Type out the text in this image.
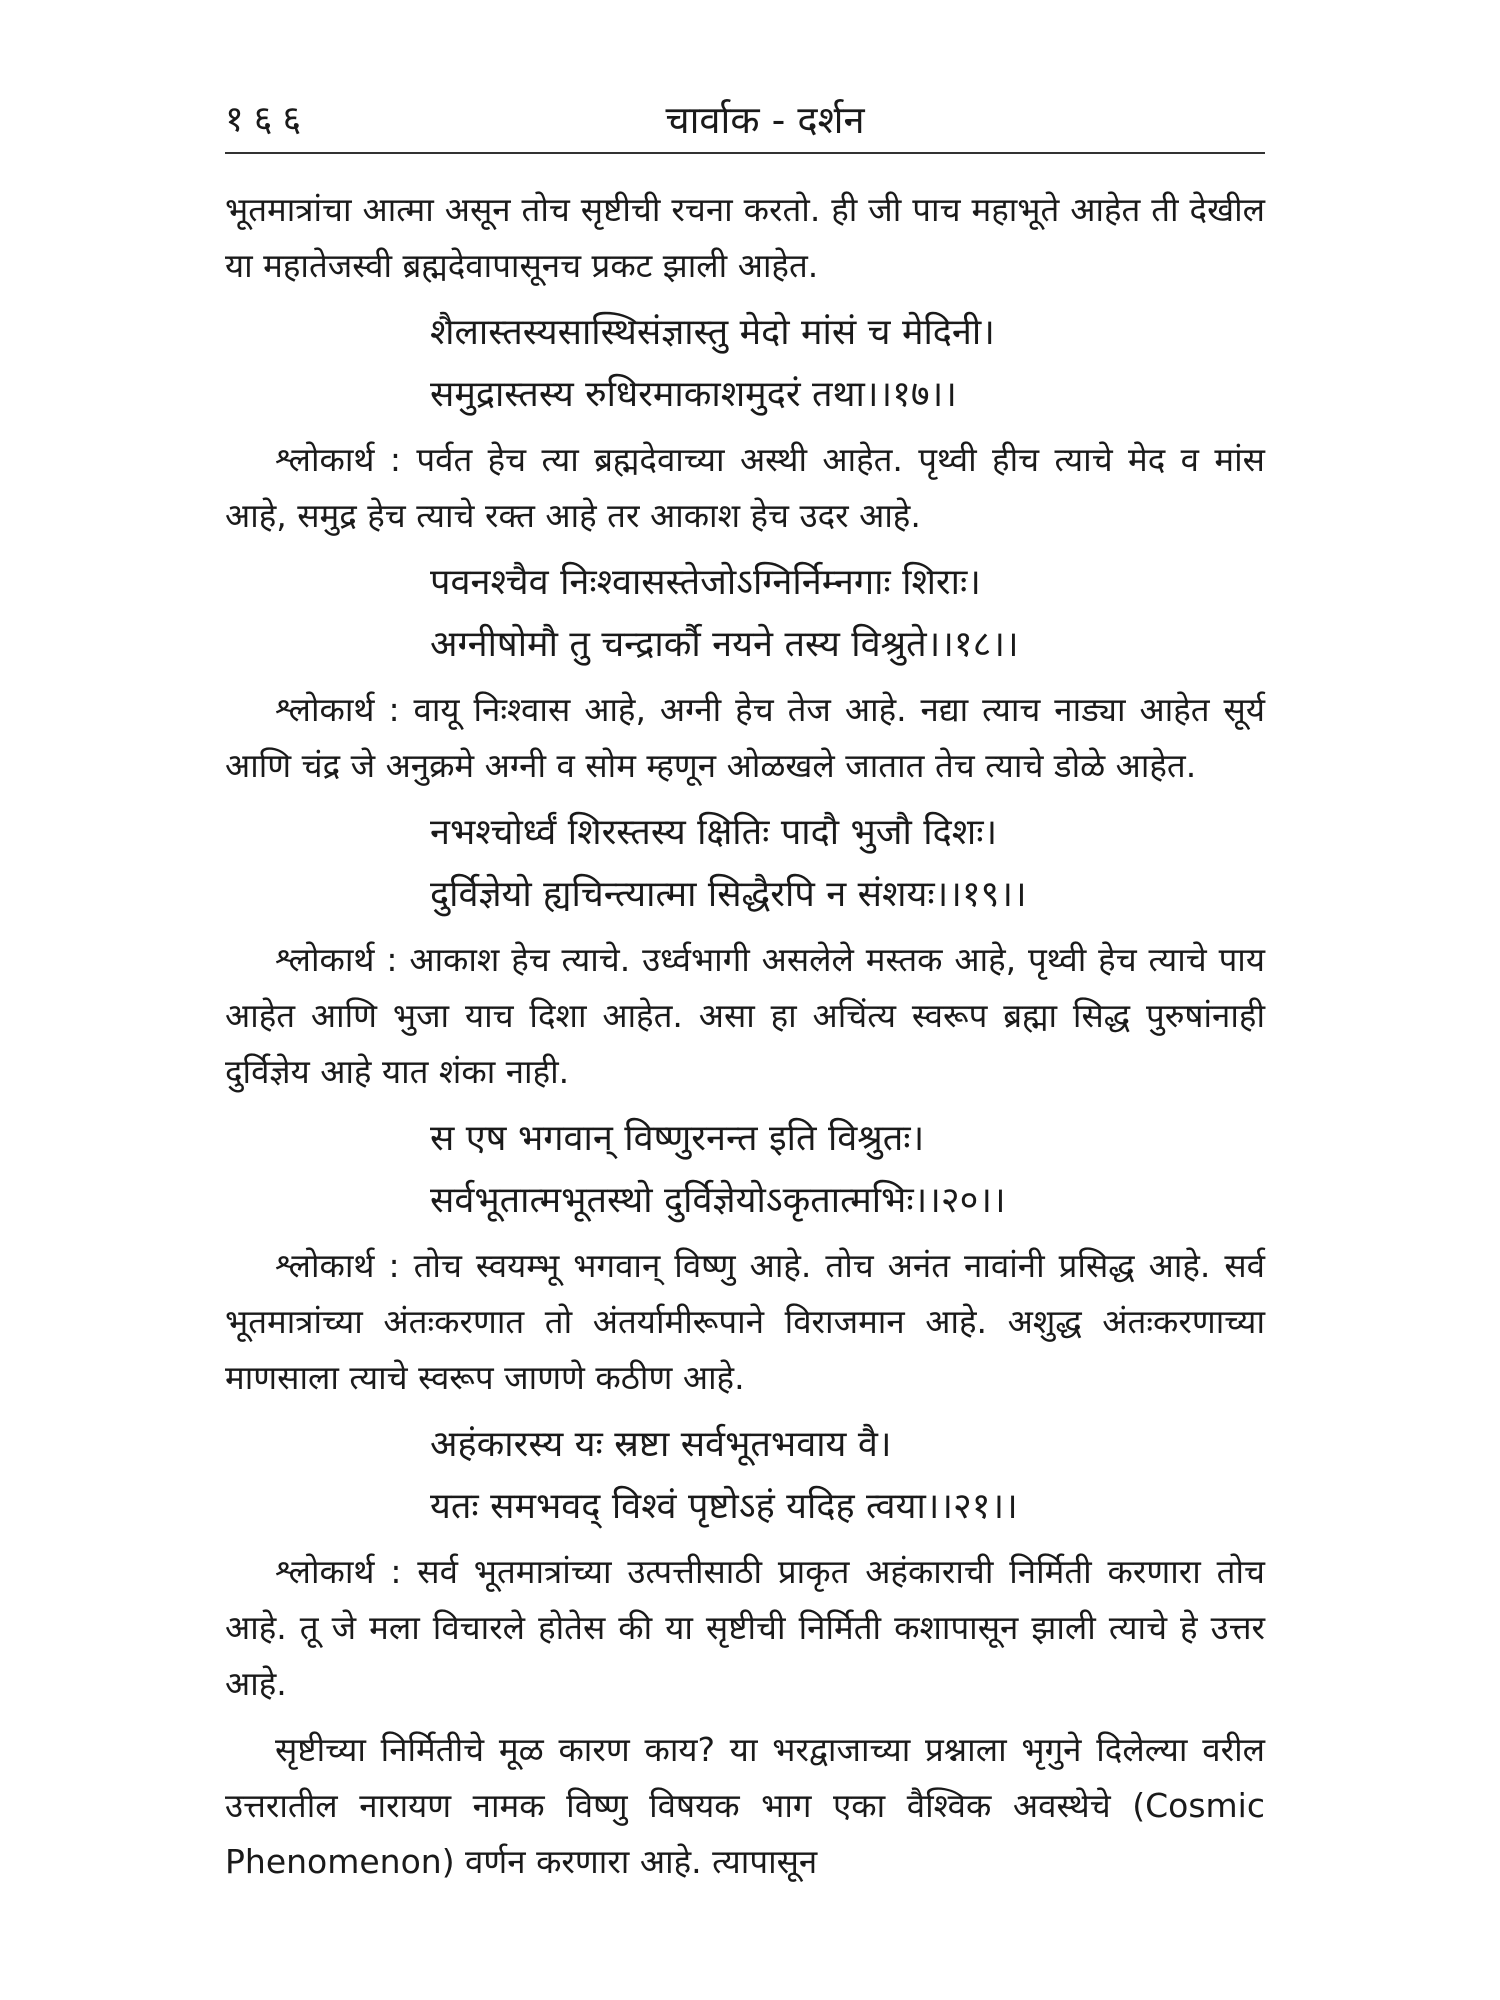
१६६	चार्वाक - दर्शन

भूतमात्रांचा आत्मा असून तोच सृष्टीची रचना करतो. ही जी पाच महाभूते आहेत ती देखील या महातेजस्वी ब्रह्मदेवापासूनच प्रकट झाली आहेत.

शैलास्तस्यसास्थिसंज्ञास्तु मेदो मांसं च मेदिनी।

समुद्रास्तस्य रुधिरमाकाशमुदरं तथा।।१७।।

श्लोकार्थ : पर्वत हेच त्या ब्रह्मदेवाच्या अस्थी आहेत. पृथ्वी हीच त्याचे मेद व मांस आहे, समुद्र हेच त्याचे रक्त आहे तर आकाश हेच उदर आहे.

पवनश्चैव निःश्वासस्तेजोऽग्निर्निम्नगाः शिराः।

अग्नीषोमौ तु चन्द्रार्कौ नयने तस्य विश्रुते।।१८।।

श्लोकार्थ : वायू निःश्वास आहे, अग्नी हेच तेज आहे. नद्या त्याच नाड्या आहेत सूर्य आणि चंद्र जे अनुक्रमे अग्नी व सोम म्हणून ओळखले जातात तेच त्याचे डोळे आहेत.

नभश्चोर्ध्वं शिरस्तस्य क्षितिः पादौ भुजौ दिशः।

दुर्विज्ञेयो ह्यचिन्त्यात्मा सिद्धैरपि न संशयः।।१९।।

श्लोकार्थ : आकाश हेच त्याचे. उर्ध्वभागी असलेले मस्तक आहे, पृथ्वी हेच त्याचे पाय आहेत आणि भुजा याच दिशा आहेत. असा हा अचिंत्य स्वरूप ब्रह्मा सिद्ध पुरुषांनाही दुर्विज्ञेय आहे यात शंका नाही.

स एष भगवान् विष्णुरनन्त इति विश्रुतः।

सर्वभूतात्मभूतस्थो दुर्विज्ञेयोऽकृतात्मभिः।।२०।।

श्लोकार्थ : तोच स्वयम्भू भगवान् विष्णु आहे. तोच अनंत नावांनी प्रसिद्ध आहे. सर्व भूतमात्रांच्या अंतःकरणात तो अंतर्यामीरूपाने विराजमान आहे. अशुद्ध अंतःकरणाच्या माणसाला त्याचे स्वरूप जाणणे कठीण आहे.

अहंकारस्य यः स्रष्टा सर्वभूतभवाय वै।

यतः समभवद् विश्वं पृष्टोऽहं यदिह त्वया।।२१।।

श्लोकार्थ : सर्व भूतमात्रांच्या उत्पत्तीसाठी प्राकृत अहंकाराची निर्मिती करणारा तोच आहे. तू जे मला विचारले होतेस की या सृष्टीची निर्मिती कशापासून झाली त्याचे हे उत्तर आहे.

सृष्टीच्या निर्मितीचे मूळ कारण काय? या भरद्वाजाच्या प्रश्नाला भृगुने दिलेल्या वरील उत्तरातील नारायण नामक विष्णु विषयक भाग एका वैश्विक अवस्थेचे (Cosmic Phenomenon) वर्णन करणारा आहे. त्यापासून
